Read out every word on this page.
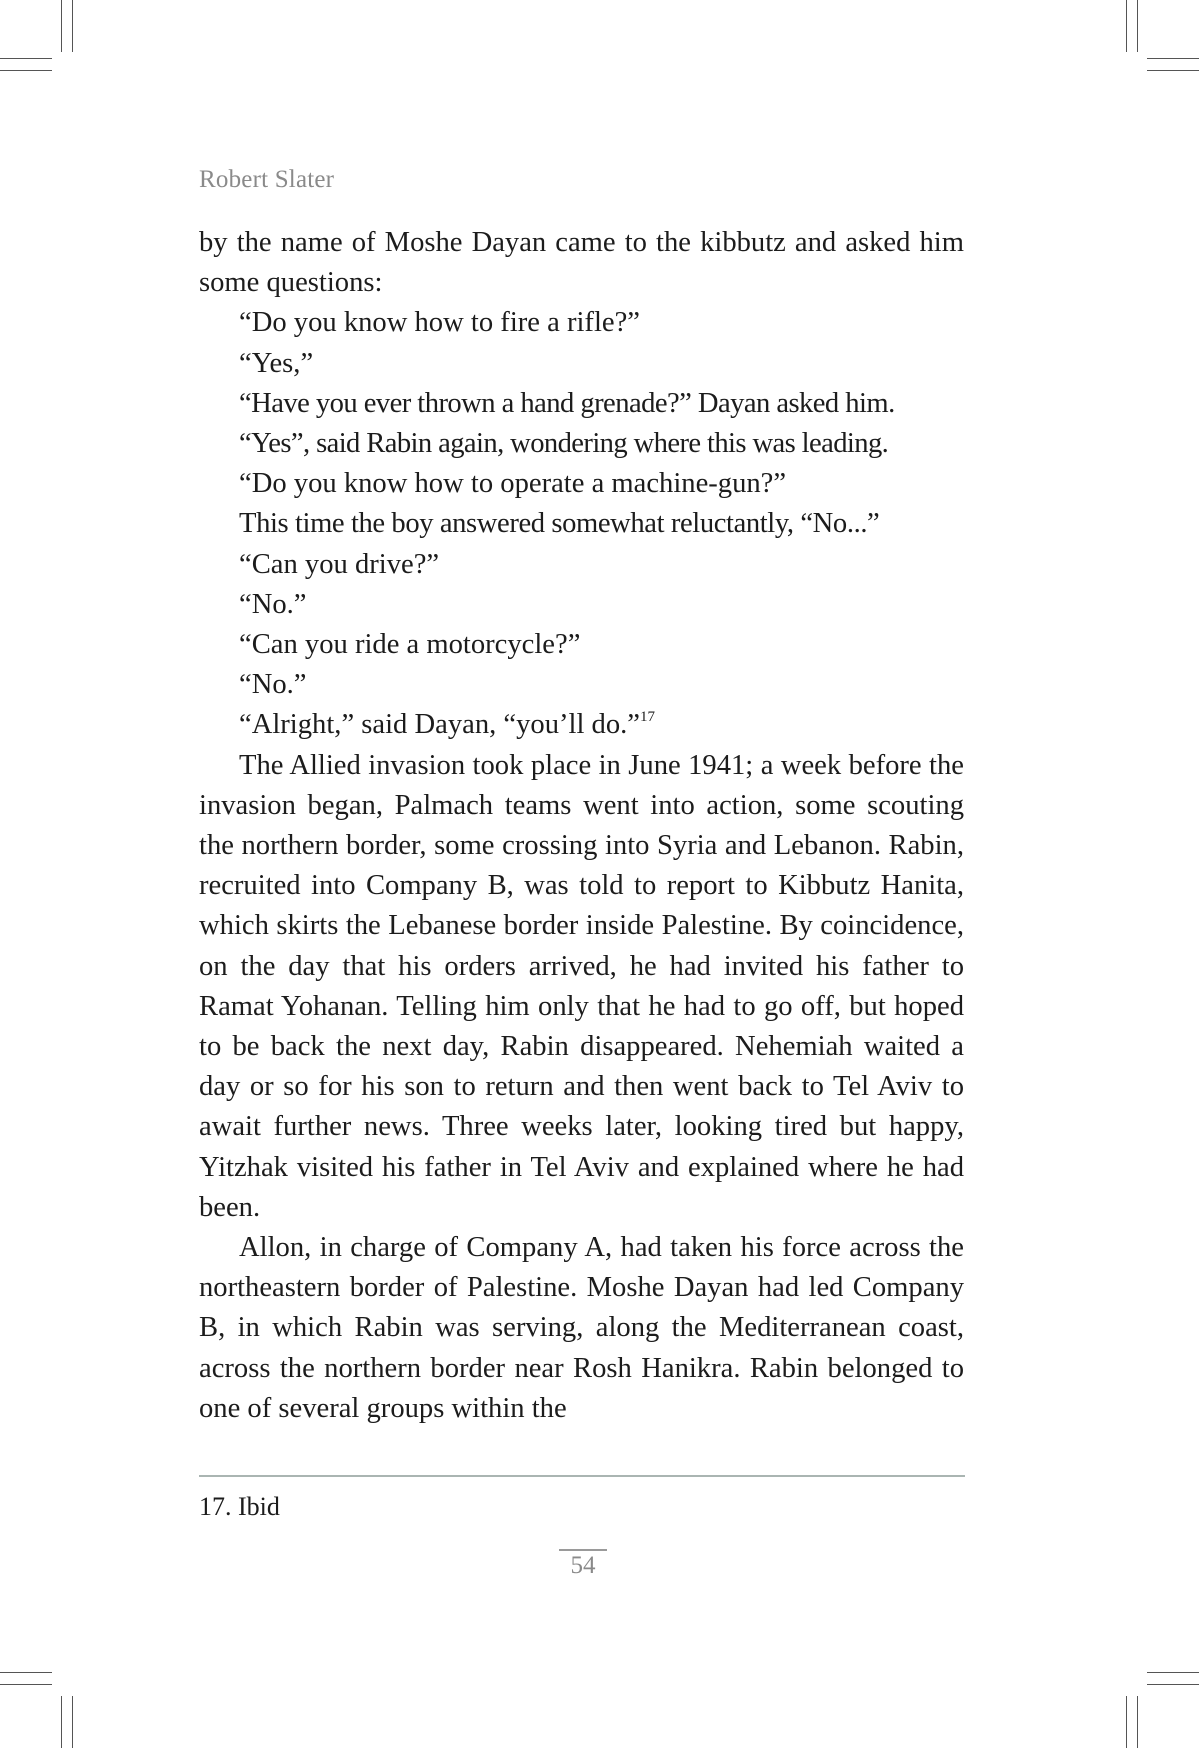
Robert Slater

by the name of Moshe Dayan came to the kibbutz and asked him some questions:

“Do you know how to fire a rifle?”

“Yes,”

“Have you ever thrown a hand grenade?” Dayan asked him.

“Yes”, said Rabin again, wondering where this was leading.

“Do you know how to operate a machine-gun?”

This time the boy answered somewhat reluctantly, “No...”

“Can you drive?”

“No.”

“Can you ride a motorcycle?”

“No.”

“Alright,” said Dayan, “you’ll do.”$^{17}$

The Allied invasion took place in June 1941; a week before the invasion began, Palmach teams went into action, some scouting the northern border, some crossing into Syria and Lebanon. Rabin, recruited into Company B, was told to report to Kibbutz Hanita, which skirts the Lebanese border inside Palestine. By coincidence, on the day that his orders arrived, he had invited his father to Ramat Yohanan. Telling him only that he had to go off, but hoped to be back the next day, Rabin disappeared. Nehemiah waited a day or so for his son to return and then went back to Tel Aviv to await further news. Three weeks later, looking tired but happy, Yitzhak visited his father in Tel Aviv and explained where he had been.

Allon, in charge of Company A, had taken his force across the northeastern border of Palestine. Moshe Dayan had led Company B, in which Rabin was serving, along the Mediterranean coast, across the northern border near Rosh Hanikra. Rabin belonged to one of several groups within the

17. Ibid
54
